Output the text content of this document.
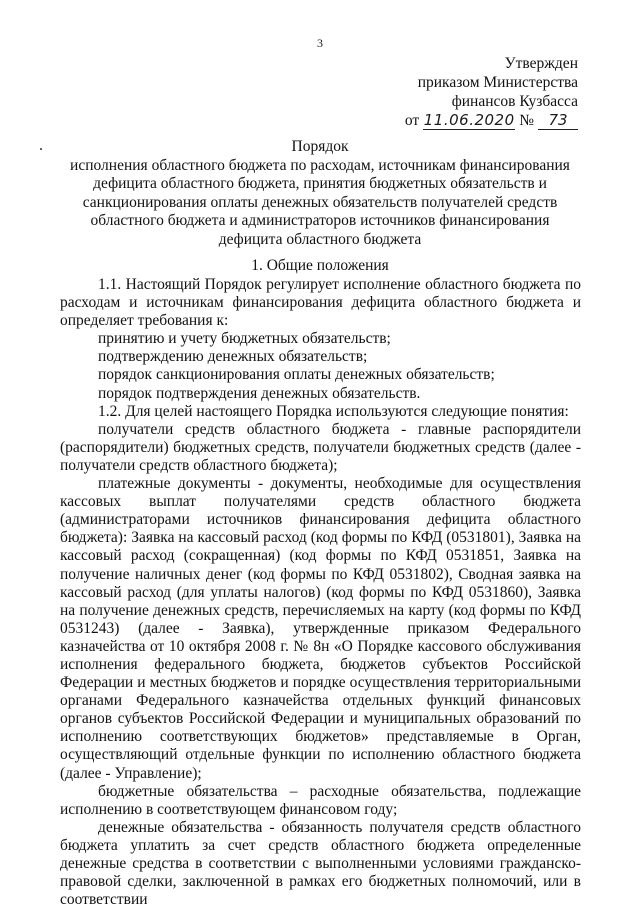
3
Утвержден
приказом Министерства
финансов Кузбасса
от 11.06.2020 № 73
Порядок
исполнения областного бюджета по расходам, источникам финансирования дефицита областного бюджета, принятия бюджетных обязательств и санкционирования оплаты денежных обязательств получателей средств областного бюджета и администраторов источников финансирования дефицита областного бюджета
1. Общие положения

1.1. Настоящий Порядок регулирует исполнение областного бюджета по расходам и источникам финансирования дефицита областного бюджета и определяет требования к:

принятию и учету бюджетных обязательств;

подтверждению денежных обязательств;

порядок санкционирования оплаты денежных обязательств;

порядок подтверждения денежных обязательств.

1.2. Для целей настоящего Порядка используются следующие понятия:

получатели средств областного бюджета - главные распорядители (распорядители) бюджетных средств, получатели бюджетных средств (далее - получатели средств областного бюджета);

платежные документы - документы, необходимые для осуществления кассовых выплат получателями средств областного бюджета (администраторами источников финансирования дефицита областного бюджета): Заявка на кассовый расход (код формы по КФД (0531801), Заявка на кассовый расход (сокращенная) (код формы по КФД 0531851, Заявка на получение наличных денег (код формы по КФД 0531802), Сводная заявка на кассовый расход (для уплаты налогов) (код формы по КФД 0531860), Заявка на получение денежных средств, перечисляемых на карту (код формы по КФД 0531243) (далее - Заявка), утвержденные приказом Федерального казначейства от 10 октября 2008 г. № 8н «О Порядке кассового обслуживания исполнения федерального бюджета, бюджетов субъектов Российской Федерации и местных бюджетов и порядке осуществления территориальными органами Федерального казначейства отдельных функций финансовых органов субъектов Российской Федерации и муниципальных образований по исполнению соответствующих бюджетов» представляемые в Орган, осуществляющий отдельные функции по исполнению областного бюджета (далее - Управление);

бюджетные обязательства – расходные обязательства, подлежащие исполнению в соответствующем финансовом году;

денежные обязательства - обязанность получателя средств областного бюджета уплатить за счет средств областного бюджета определенные денежные средства в соответствии с выполненными условиями гражданско-правовой сделки, заключенной в рамках его бюджетных полномочий, или в соответствии
